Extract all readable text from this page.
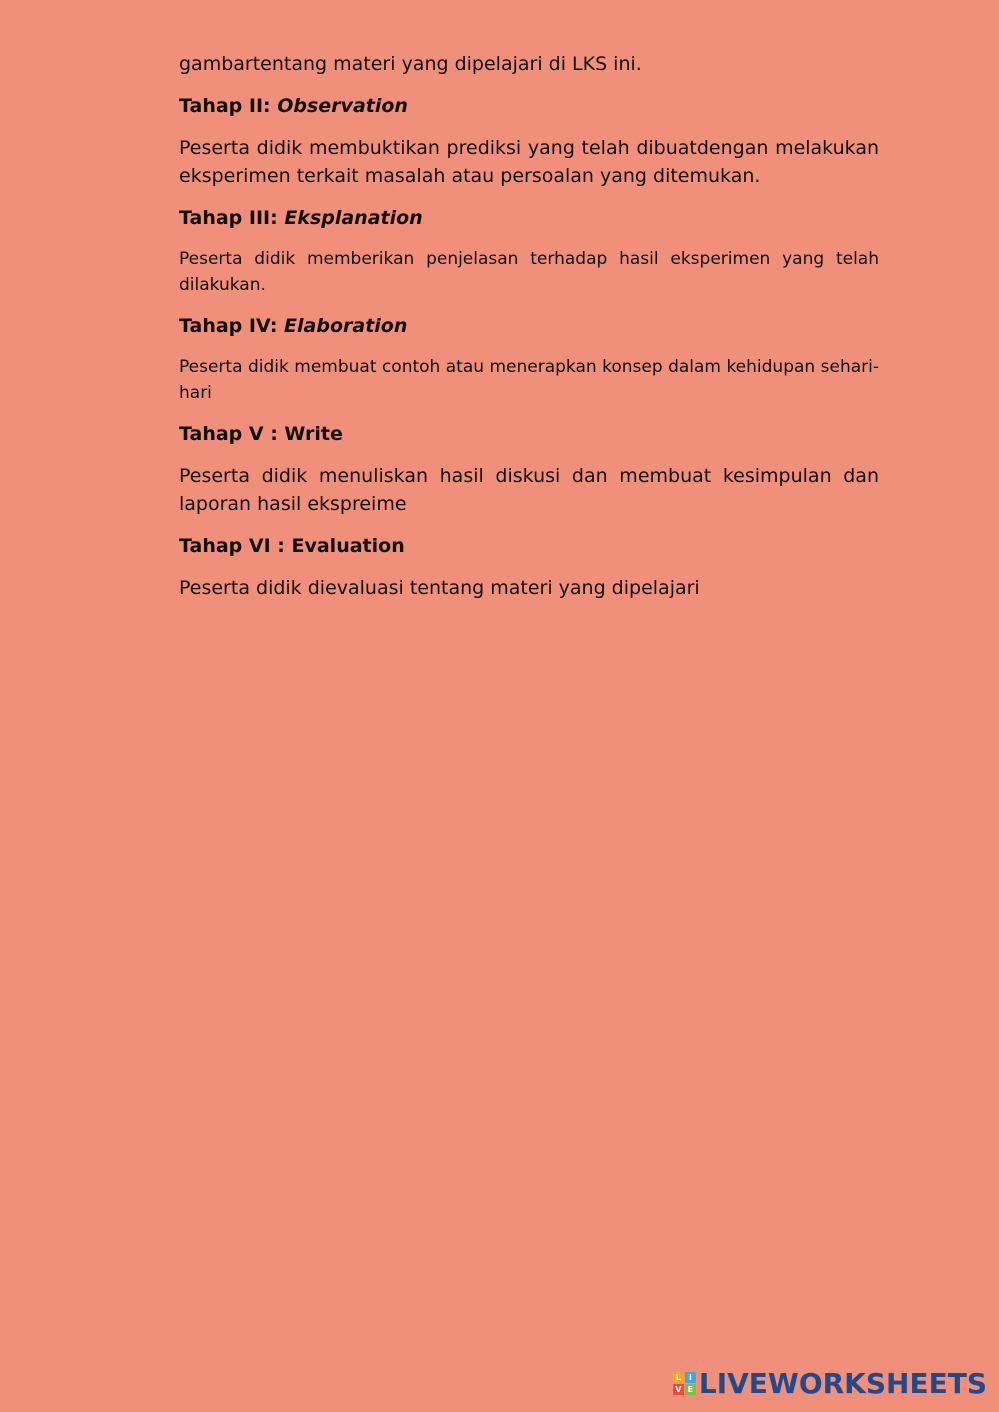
gambartentang materi yang dipelajari di LKS ini.

Tahap II: Observation

Peserta didik membuktikan prediksi yang telah dibuatdengan melakukan eksperimen terkait masalah atau persoalan yang ditemukan.

Tahap III: Eksplanation

Peserta didik memberikan penjelasan terhadap hasil eksperimen yang telah dilakukan.

Tahap IV: Elaboration

Peserta didik membuat contoh atau menerapkan konsep dalam kehidupan sehari-hari

Tahap V : Write

Peserta didik menuliskan hasil diskusi dan membuat kesimpulan dan laporan hasil ekspreime

Tahap VI : Evaluation

Peserta didik dievaluasi tentang materi yang dipelajari

L I
V E LIVEWORKSHEETS
